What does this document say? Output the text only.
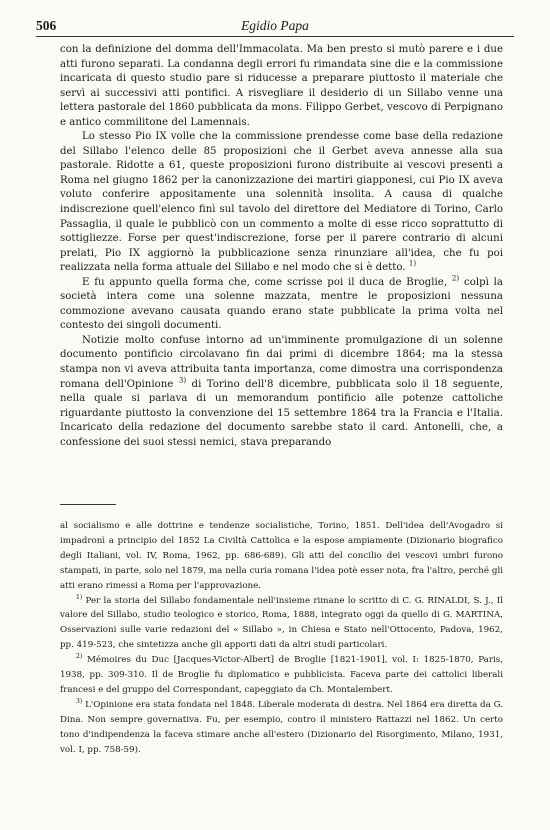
506	Egidio Papa

con la definizione del domma dell'Immacolata. Ma ben presto si mutò parere e i due atti furono separati. La condanna degli errori fu rimandata sine die e la commissione incaricata di questo studio pare si riducesse a preparare piuttosto il materiale che servì ai successivi atti pontifici. A risvegliare il desiderio di un Sillabo venne una lettera pastorale del 1860 pubblicata da mons. Filippo Gerbet, vescovo di Perpignano e antico commilitone del Lamennais.

Lo stesso Pio IX volle che la commissione prendesse come base della redazione del Sillabo l'elenco delle 85 proposizioni che il Gerbet aveva annesse alla sua pastorale. Ridotte a 61, queste proposizioni furono distribuite ai vescovi presenti a Roma nel giugno 1862 per la canonizzazione dei martiri giapponesi, cui Pio IX aveva voluto conferire appositamente una solennità insolita. A causa di qualche indiscrezione quell'elenco finì sul tavolo del direttore del Mediatore di Torino, Carlo Passaglia, il quale le pubblicò con un commento a molte di esse ricco soprattutto di sottigliezze. Forse per quest'indiscrezione, forse per il parere contrario di alcuni prelati, Pio IX aggiornò la pubblicazione senza rinunziare all'idea, che fu poi realizzata nella forma attuale del Sillabo e nel modo che si è detto. $^{1)}$

E fu appunto quella forma che, come scrisse poi il duca de Broglie, $^{2)}$ colpì la società intera come una solenne mazzata, mentre le proposizioni nessuna commozione avevano causata quando erano state pubblicate la prima volta nel contesto dei singoli documenti.

Notizie molto confuse intorno ad un'imminente promulgazione di un solenne documento pontificio circolavano fin dai primi di dicembre 1864; ma la stessa stampa non vi aveva attribuita tanta importanza, come dimostra una corrispondenza romana dell'Opinione $^{3)}$ di Torino dell'8 dicembre, pubblicata solo il 18 seguente, nella quale si parlava di un memorandum pontificio alle potenze cattoliche riguardante piuttosto la convenzione del 15 settembre 1864 tra la Francia e l'Italia. Incaricato della redazione del documento sarebbe stato il card. Antonelli, che, a confessione dei suoi stessi nemici, stava preparando

al socialismo e alle dottrine e tendenze socialistiche, Torino, 1851. Dell'idea dell'Avogadro si impadronì a principio del 1852 La Civiltà Cattolica e la espose ampiamente (Dizionario biografico degli Italiani, vol. IV, Roma, 1962, pp. 686-689). Gli atti del concilio dei vescovi umbri furono stampati, in parte, solo nel 1879, ma nella curia romana l'idea potè esser nota, fra l'altro, perché gli atti erano rimessi a Roma per l'approvazione.

$^{1)}$ Per la storia del Sillabo fondamentale nell'insieme rimane lo scritto di C. G. RINALDI, S. J., Il valore del Sillabo, studio teologico e storico, Roma, 1888, integrato oggi da quello di G. MARTINA, Osservazioni sulle varie redazioni del « Sillabo », in Chiesa e Stato nell'Ottocento, Padova, 1962, pp. 419-523, che sintetizza anche gli apporti dati da altri studi particolari.

$^{2)}$ Mémoires du Duc [Jacques-Victor-Albert] de Broglie [1821-1901], vol. I: 1825-1870, Paris, 1938, pp. 309-310. Il de Broglie fu diplomatico e pubblicista. Faceva parte dei cattolici liberali francesi e del gruppo del Correspondant, capeggiato da Ch. Montalembert.

$^{3)}$ L'Opinione era stata fondata nel 1848. Liberale moderata di destra. Nel 1864 era diretta da G. Dina. Non sempre governativa. Fu, per esempio, contro il ministero Rattazzi nel 1862. Un certo tono d'indipendenza la faceva stimare anche all'estero (Dizionario del Risorgimento, Milano, 1931, vol. I, pp. 758-59).
